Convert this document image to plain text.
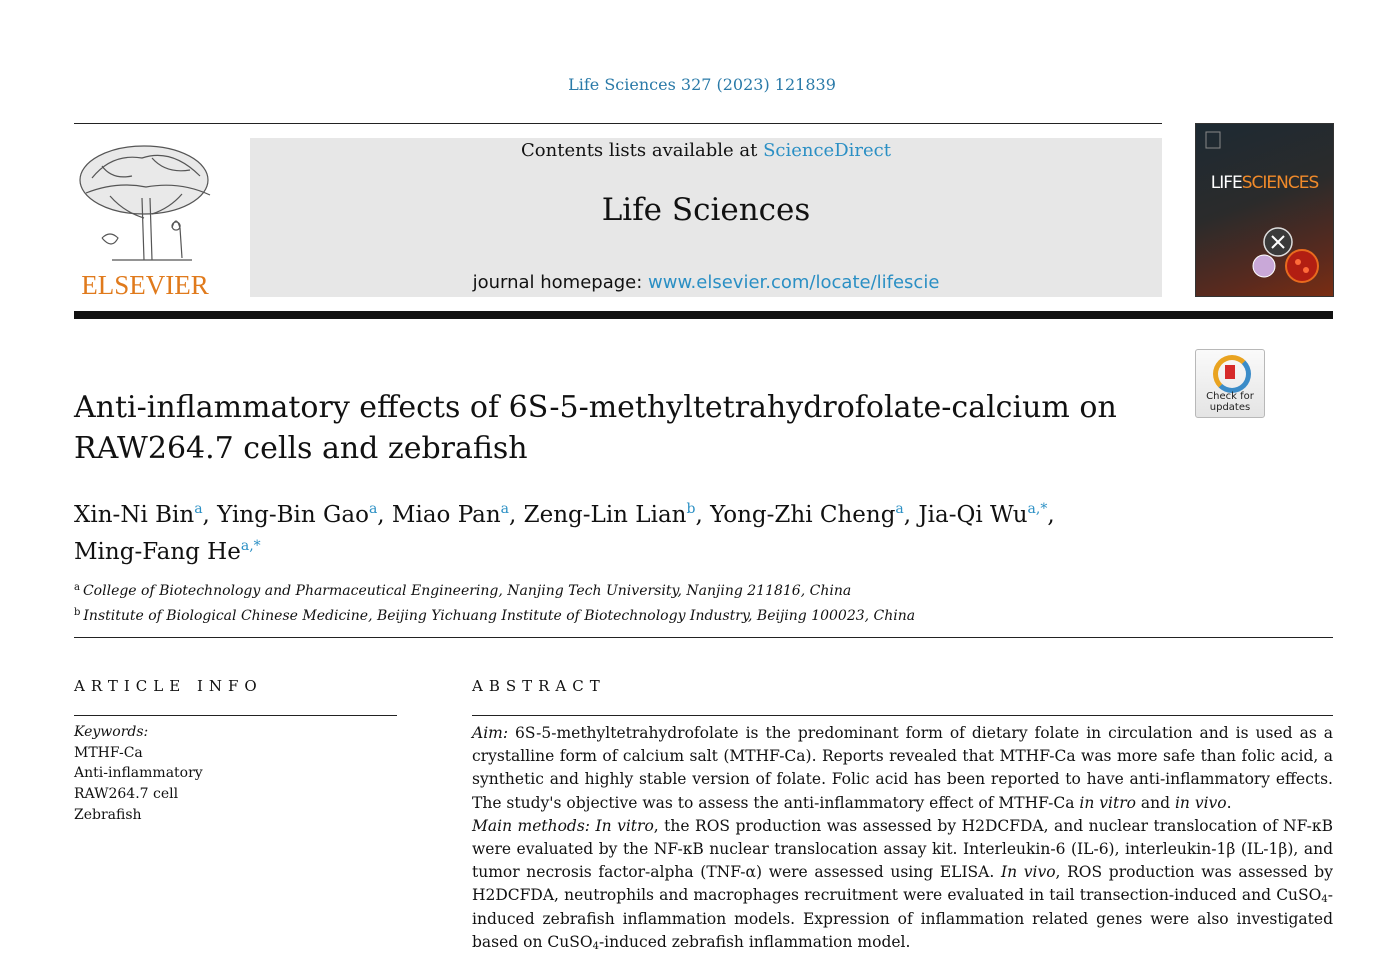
Life Sciences 327 (2023) 121839
ELSEVIER
Contents lists available at ScienceDirect
Life Sciences
journal homepage: www.elsevier.com/locate/lifescie
LIFESCIENCES
Check for
updates
Anti-inflammatory effects of 6S-5-methyltetrahydrofolate-calcium on RAW264.7 cells and zebrafish
Xin-Ni Bin$^a$, Ying-Bin Gao$^a$, Miao Pan$^a$, Zeng-Lin Lian$^b$, Yong-Zhi Cheng$^a$, Jia-Qi $Wu^{a,*}$,
Ming-Fang $He^{a,*}$
$^a$ College of Biotechnology and Pharmaceutical Engineering, Nanjing Tech University, Nanjing 211816, China
$^b$ Institute of Biological Chinese Medicine, Beijing Yichuang Institute of Biotechnology Industry, Beijing 100023, China
ARTICLE INFO
Keywords:
MTHF-Ca
Anti-inflammatory
RAW264.7 cell
Zebrafish
ABSTRACT

Aim: 6S-5-methyltetrahydrofolate is the predominant form of dietary folate in circulation and is used as a crystalline form of calcium salt (MTHF-Ca). Reports revealed that MTHF-Ca was more safe than folic acid, a synthetic and highly stable version of folate. Folic acid has been reported to have anti-inflammatory effects. The study's objective was to assess the anti-inflammatory effect of MTHF-Ca in vitro and in vivo.

Main methods: In vitro, the ROS production was assessed by H2DCFDA, and nuclear translocation of NF-κB were evaluated by the NF-κB nuclear translocation assay kit. Interleukin-6 (IL-6), interleukin-1β (IL-1β), and tumor necrosis factor-alpha (TNF-α) were assessed using ELISA. In vivo, ROS production was assessed by H2DCFDA, neutrophils and macrophages recruitment were evaluated in tail transection-induced and CuSO$_4$-induced zebrafish inflammation models. Expression of inflammation related genes were also investigated based on CuSO$_4$-induced zebrafish inflammation model.
